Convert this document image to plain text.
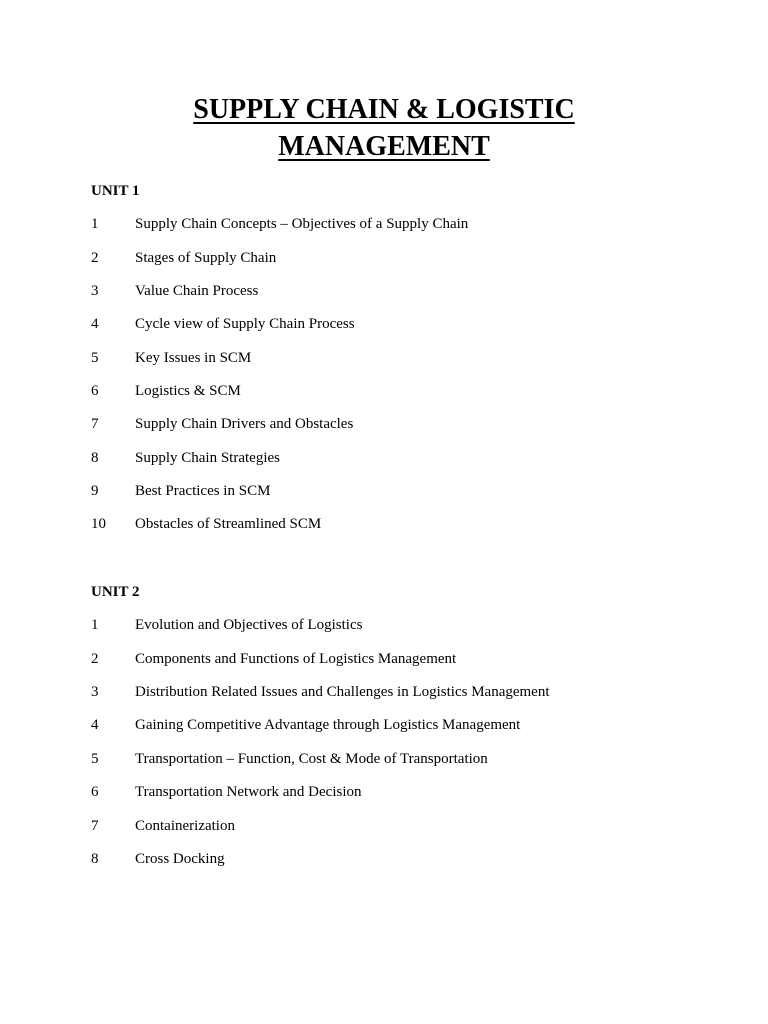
SUPPLY CHAIN & LOGISTIC
MANAGEMENT
UNIT 1
1 Supply Chain Concepts – Objectives of a Supply Chain
2 Stages of Supply Chain
3 Value Chain Process
4 Cycle view of Supply Chain Process
5 Key Issues in SCM
6 Logistics & SCM
7 Supply Chain Drivers and Obstacles
8 Supply Chain Strategies
9 Best Practices in SCM
10 Obstacles of Streamlined SCM
UNIT 2
1 Evolution and Objectives of Logistics
2 Components and Functions of Logistics Management
3 Distribution Related Issues and Challenges in Logistics Management
4 Gaining Competitive Advantage through Logistics Management
5 Transportation – Function, Cost & Mode of Transportation
6 Transportation Network and Decision
7 Containerization
8 Cross Docking
